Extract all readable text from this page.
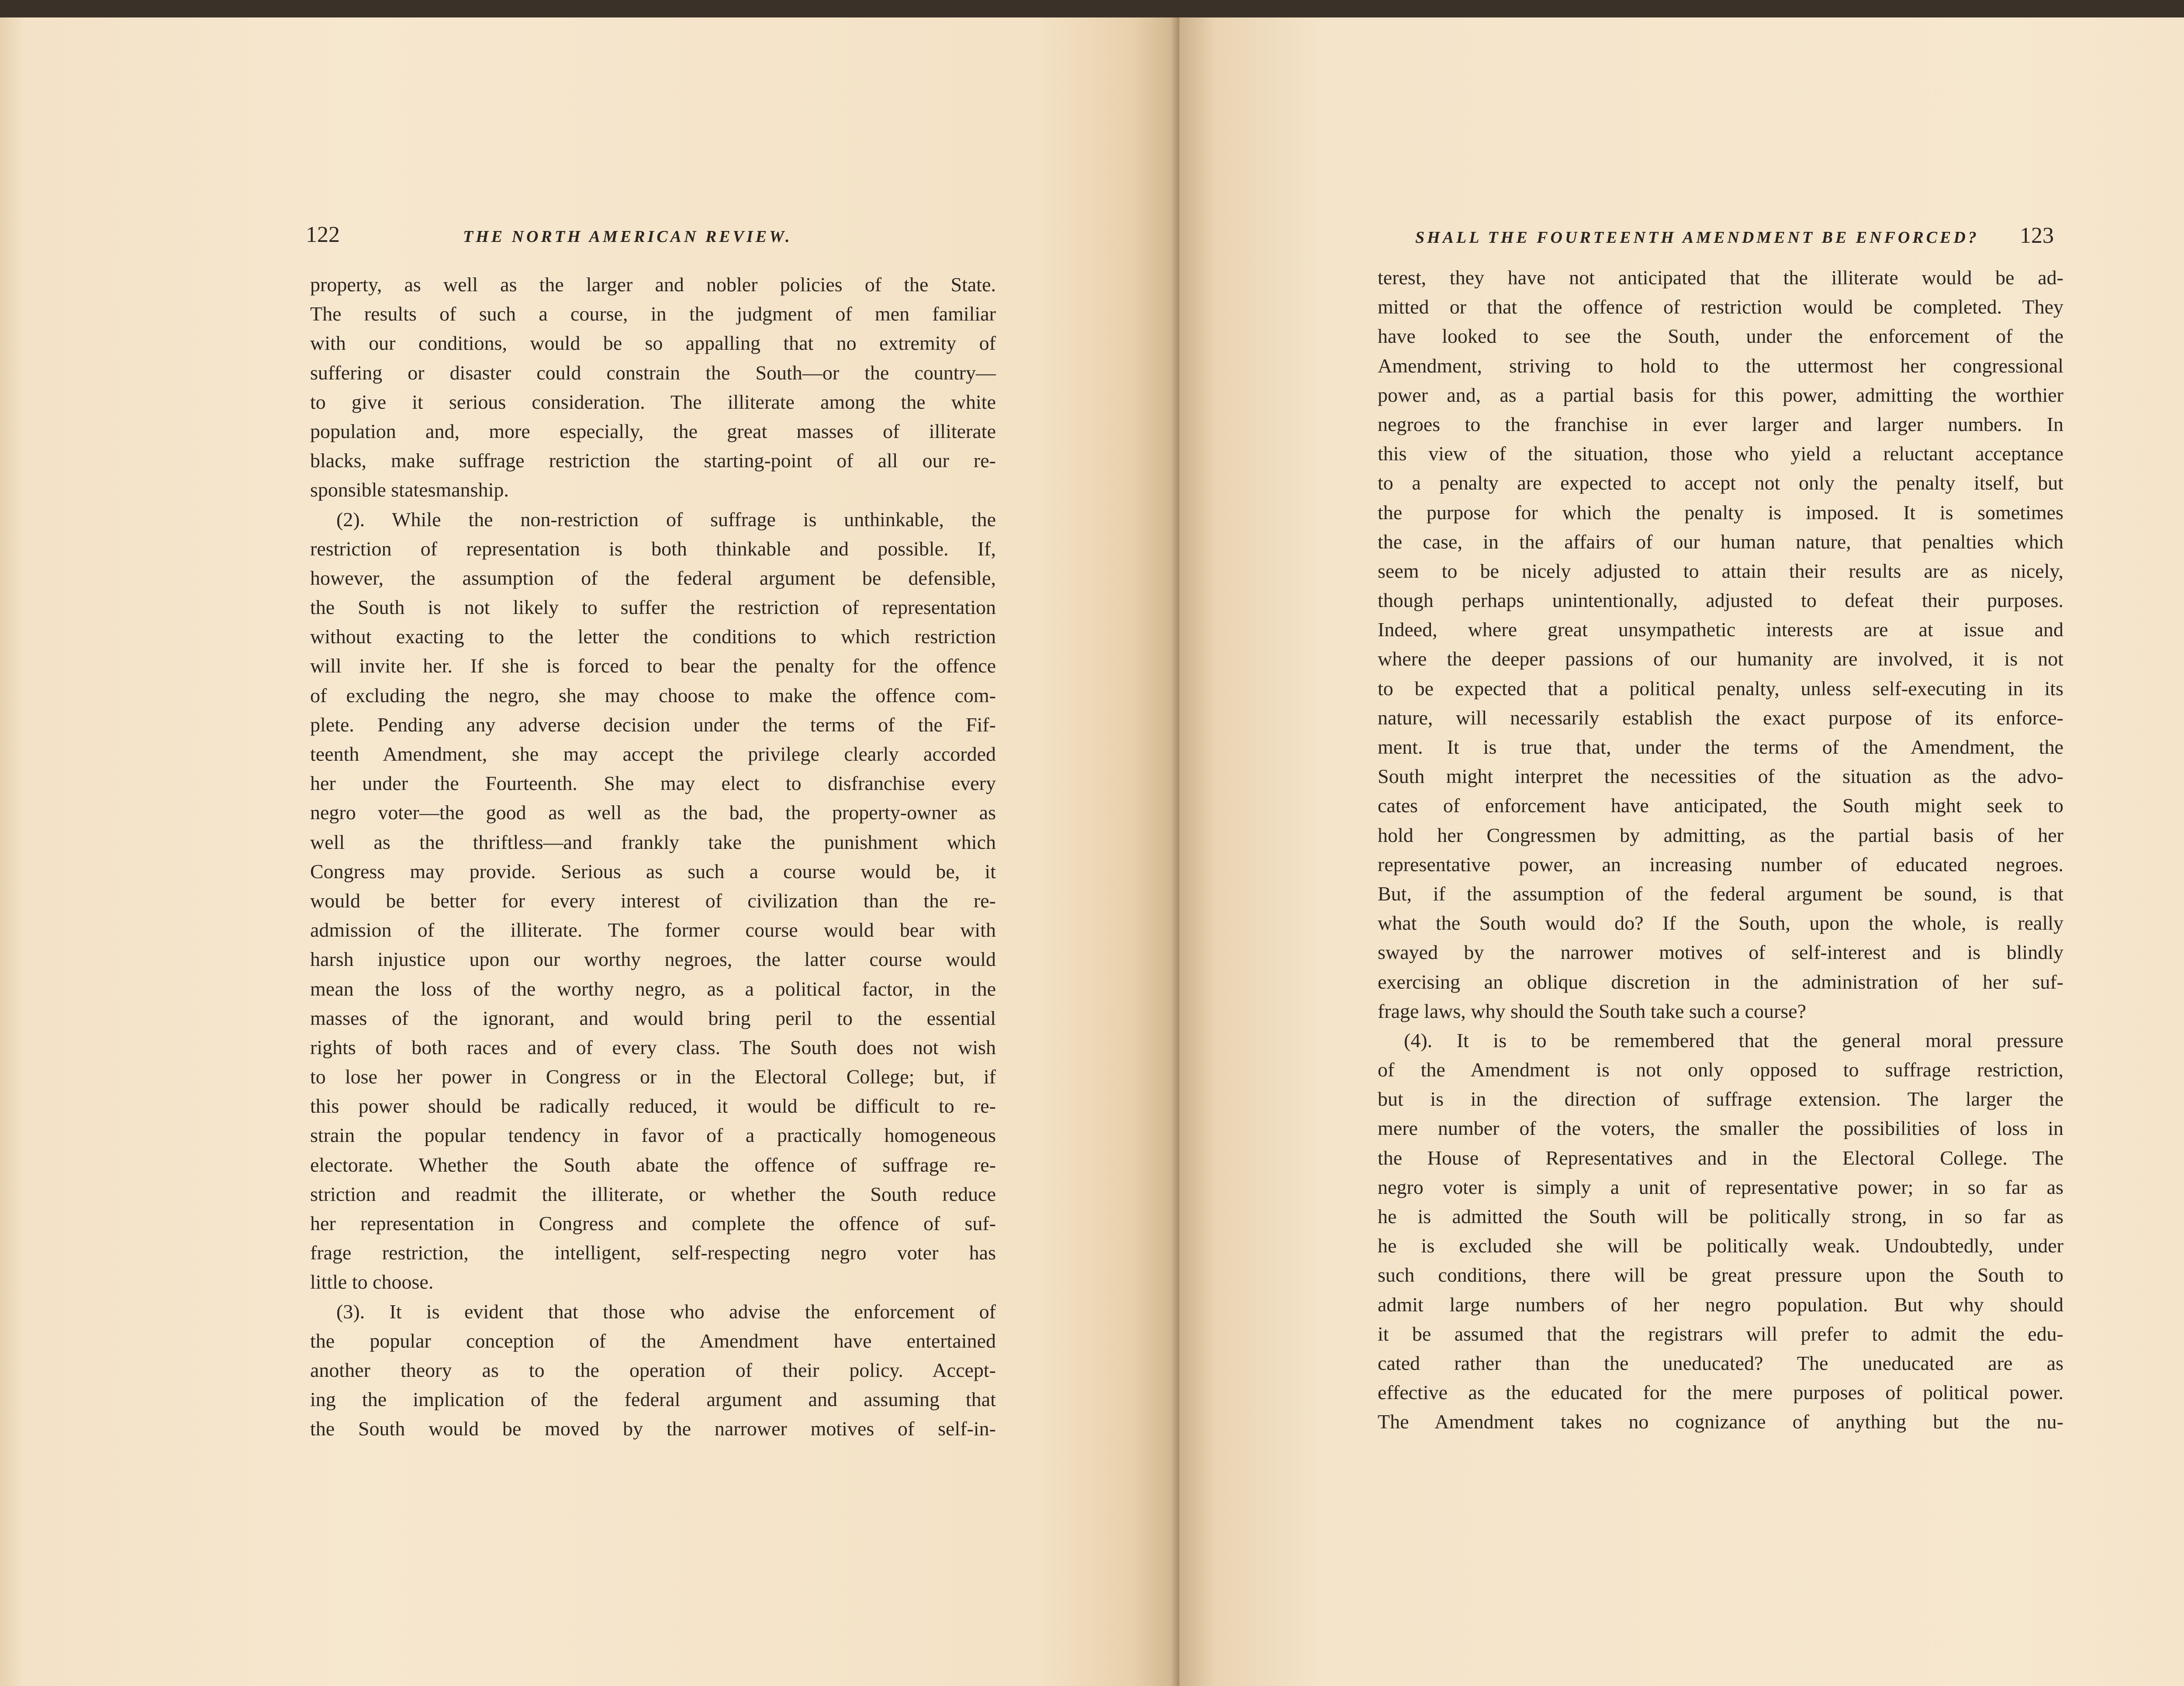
122	THE NORTH AMERICAN REVIEW.
property, as well as the larger and nobler policies of the State.
The results of such a course, in the judgment of men familiar
with our conditions, would be so appalling that no extremity of
suffering or disaster could constrain the South—or the country—
to give it serious consideration. The illiterate among the white
population and, more especially, the great masses of illiterate
blacks, make suffrage restriction the starting-point of all our re-
sponsible statesmanship.
(2). While the non-restriction of suffrage is unthinkable, the
restriction of representation is both thinkable and possible. If,
however, the assumption of the federal argument be defensible,
the South is not likely to suffer the restriction of representation
without exacting to the letter the conditions to which restriction
will invite her. If she is forced to bear the penalty for the offence
of excluding the negro, she may choose to make the offence com-
plete. Pending any adverse decision under the terms of the Fif-
teenth Amendment, she may accept the privilege clearly accorded
her under the Fourteenth. She may elect to disfranchise every
negro voter—the good as well as the bad, the property-owner as
well as the thriftless—and frankly take the punishment which
Congress may provide. Serious as such a course would be, it
would be better for every interest of civilization than the re-
admission of the illiterate. The former course would bear with
harsh injustice upon our worthy negroes, the latter course would
mean the loss of the worthy negro, as a political factor, in the
masses of the ignorant, and would bring peril to the essential
rights of both races and of every class. The South does not wish
to lose her power in Congress or in the Electoral College; but, if
this power should be radically reduced, it would be difficult to re-
strain the popular tendency in favor of a practically homogeneous
electorate. Whether the South abate the offence of suffrage re-
striction and readmit the illiterate, or whether the South reduce
her representation in Congress and complete the offence of suf-
frage restriction, the intelligent, self-respecting negro voter has
little to choose.
(3). It is evident that those who advise the enforcement of
the popular conception of the Amendment have entertained
another theory as to the operation of their policy. Accept-
ing the implication of the federal argument and assuming that
the South would be moved by the narrower motives of self-in-
SHALL THE FOURTEENTH AMENDMENT BE ENFORCED? 123
terest, they have not anticipated that the illiterate would be ad-
mitted or that the offence of restriction would be completed. They
have looked to see the South, under the enforcement of the
Amendment, striving to hold to the uttermost her congressional
power and, as a partial basis for this power, admitting the worthier
negroes to the franchise in ever larger and larger numbers. In
this view of the situation, those who yield a reluctant acceptance
to a penalty are expected to accept not only the penalty itself, but
the purpose for which the penalty is imposed. It is sometimes
the case, in the affairs of our human nature, that penalties which
seem to be nicely adjusted to attain their results are as nicely,
though perhaps unintentionally, adjusted to defeat their purposes.
Indeed, where great unsympathetic interests are at issue and
where the deeper passions of our humanity are involved, it is not
to be expected that a political penalty, unless self-executing in its
nature, will necessarily establish the exact purpose of its enforce-
ment. It is true that, under the terms of the Amendment, the
South might interpret the necessities of the situation as the advo-
cates of enforcement have anticipated, the South might seek to
hold her Congressmen by admitting, as the partial basis of her
representative power, an increasing number of educated negroes.
But, if the assumption of the federal argument be sound, is that
what the South would do? If the South, upon the whole, is really
swayed by the narrower motives of self-interest and is blindly
exercising an oblique discretion in the administration of her suf-
frage laws, why should the South take such a course?
(4). It is to be remembered that the general moral pressure
of the Amendment is not only opposed to suffrage restriction,
but is in the direction of suffrage extension. The larger the
mere number of the voters, the smaller the possibilities of loss in
the House of Representatives and in the Electoral College. The
negro voter is simply a unit of representative power; in so far as
he is admitted the South will be politically strong, in so far as
he is excluded she will be politically weak. Undoubtedly, under
such conditions, there will be great pressure upon the South to
admit large numbers of her negro population. But why should
it be assumed that the registrars will prefer to admit the edu-
cated rather than the uneducated? The uneducated are as
effective as the educated for the mere purposes of political power.
The Amendment takes no cognizance of anything but the nu-
